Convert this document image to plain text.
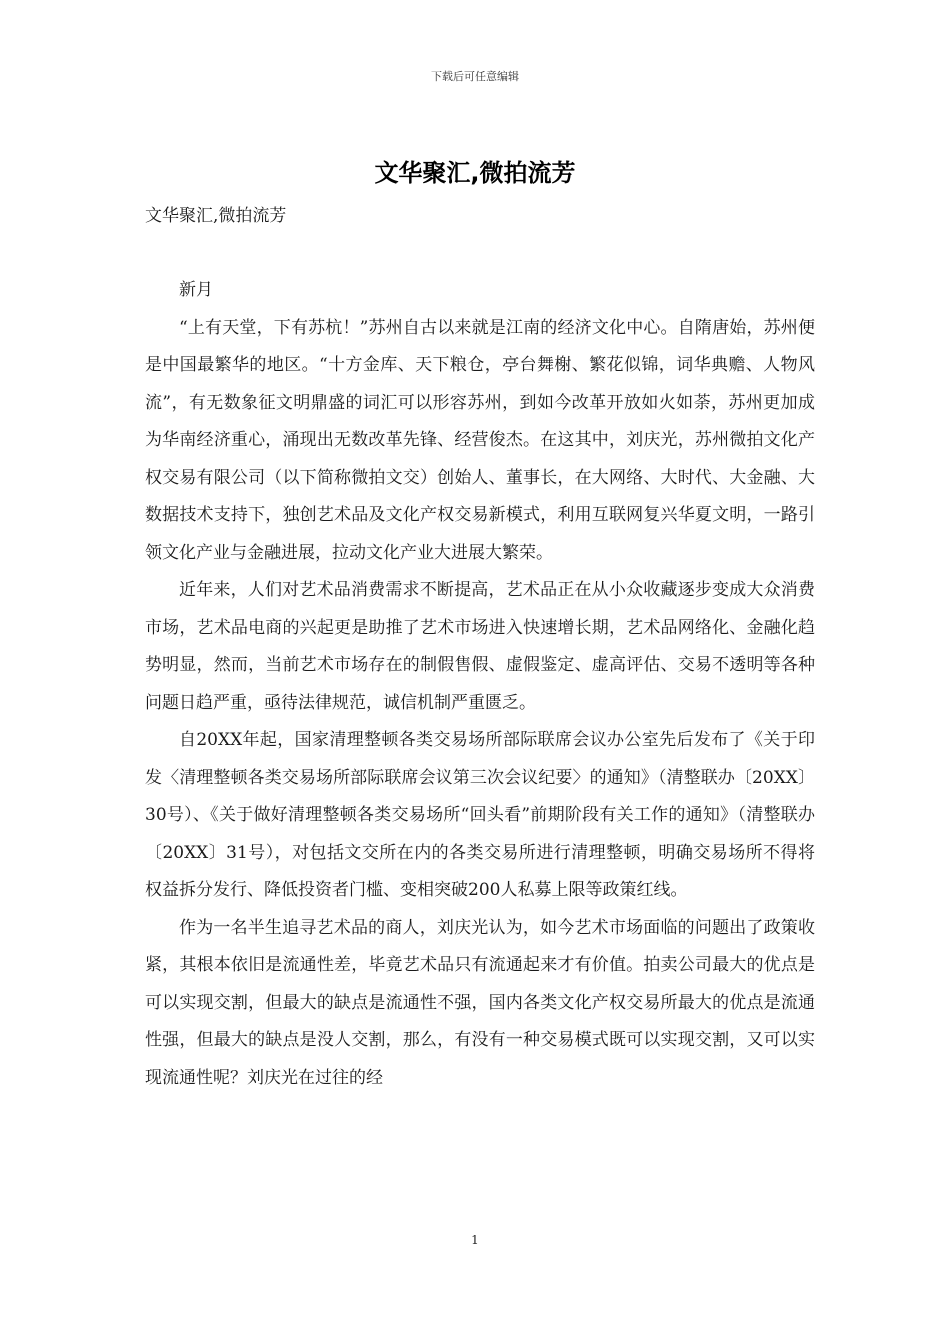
下载后可任意编辑
文华聚汇,微拍流芳

文华聚汇,微拍流芳

新月

“上有天堂，下有苏杭！”苏州自古以来就是江南的经济文化中心。自隋唐始，苏州便是中国最繁华的地区。“十方金库、天下粮仓，亭台舞榭、繁花似锦，词华典赡、人物风流”，有无数象征文明鼎盛的词汇可以形容苏州，到如今改革开放如火如荼，苏州更加成为华南经济重心，涌现出无数改革先锋、经营俊杰。在这其中，刘庆光，苏州微拍文化产权交易有限公司（以下简称微拍文交）创始人、董事长，在大网络、大时代、大金融、大数据技术支持下，独创艺术品及文化产权交易新模式，利用互联网复兴华夏文明，一路引领文化产业与金融进展，拉动文化产业大进展大繁荣。

近年来，人们对艺术品消费需求不断提高，艺术品正在从小众收藏逐步变成大众消费市场，艺术品电商的兴起更是助推了艺术市场进入快速增长期，艺术品网络化、金融化趋势明显，然而，当前艺术市场存在的制假售假、虚假鉴定、虚高评估、交易不透明等各种问题日趋严重，亟待法律规范，诚信机制严重匮乏。

自20XX年起，国家清理整顿各类交易场所部际联席会议办公室先后发布了《关于印发〈清理整顿各类交易场所部际联席会议第三次会议纪要〉的通知》（清整联办〔20XX〕30号）、《关于做好清理整顿各类交易场所“回头看”前期阶段有关工作的通知》（清整联办〔20XX〕31号），对包括文交所在内的各类交易所进行清理整顿，明确交易场所不得将权益拆分发行、降低投资者门槛、变相突破200人私募上限等政策红线。

作为一名半生追寻艺术品的商人，刘庆光认为，如今艺术市场面临的问题出了政策收紧，其根本依旧是流通性差，毕竟艺术品只有流通起来才有价值。拍卖公司最大的优点是可以实现交割，但最大的缺点是流通性不强，国内各类文化产权交易所最大的优点是流通性强，但最大的缺点是没人交割，那么，有没有一种交易模式既可以实现交割，又可以实现流通性呢？刘庆光在过往的经

1
